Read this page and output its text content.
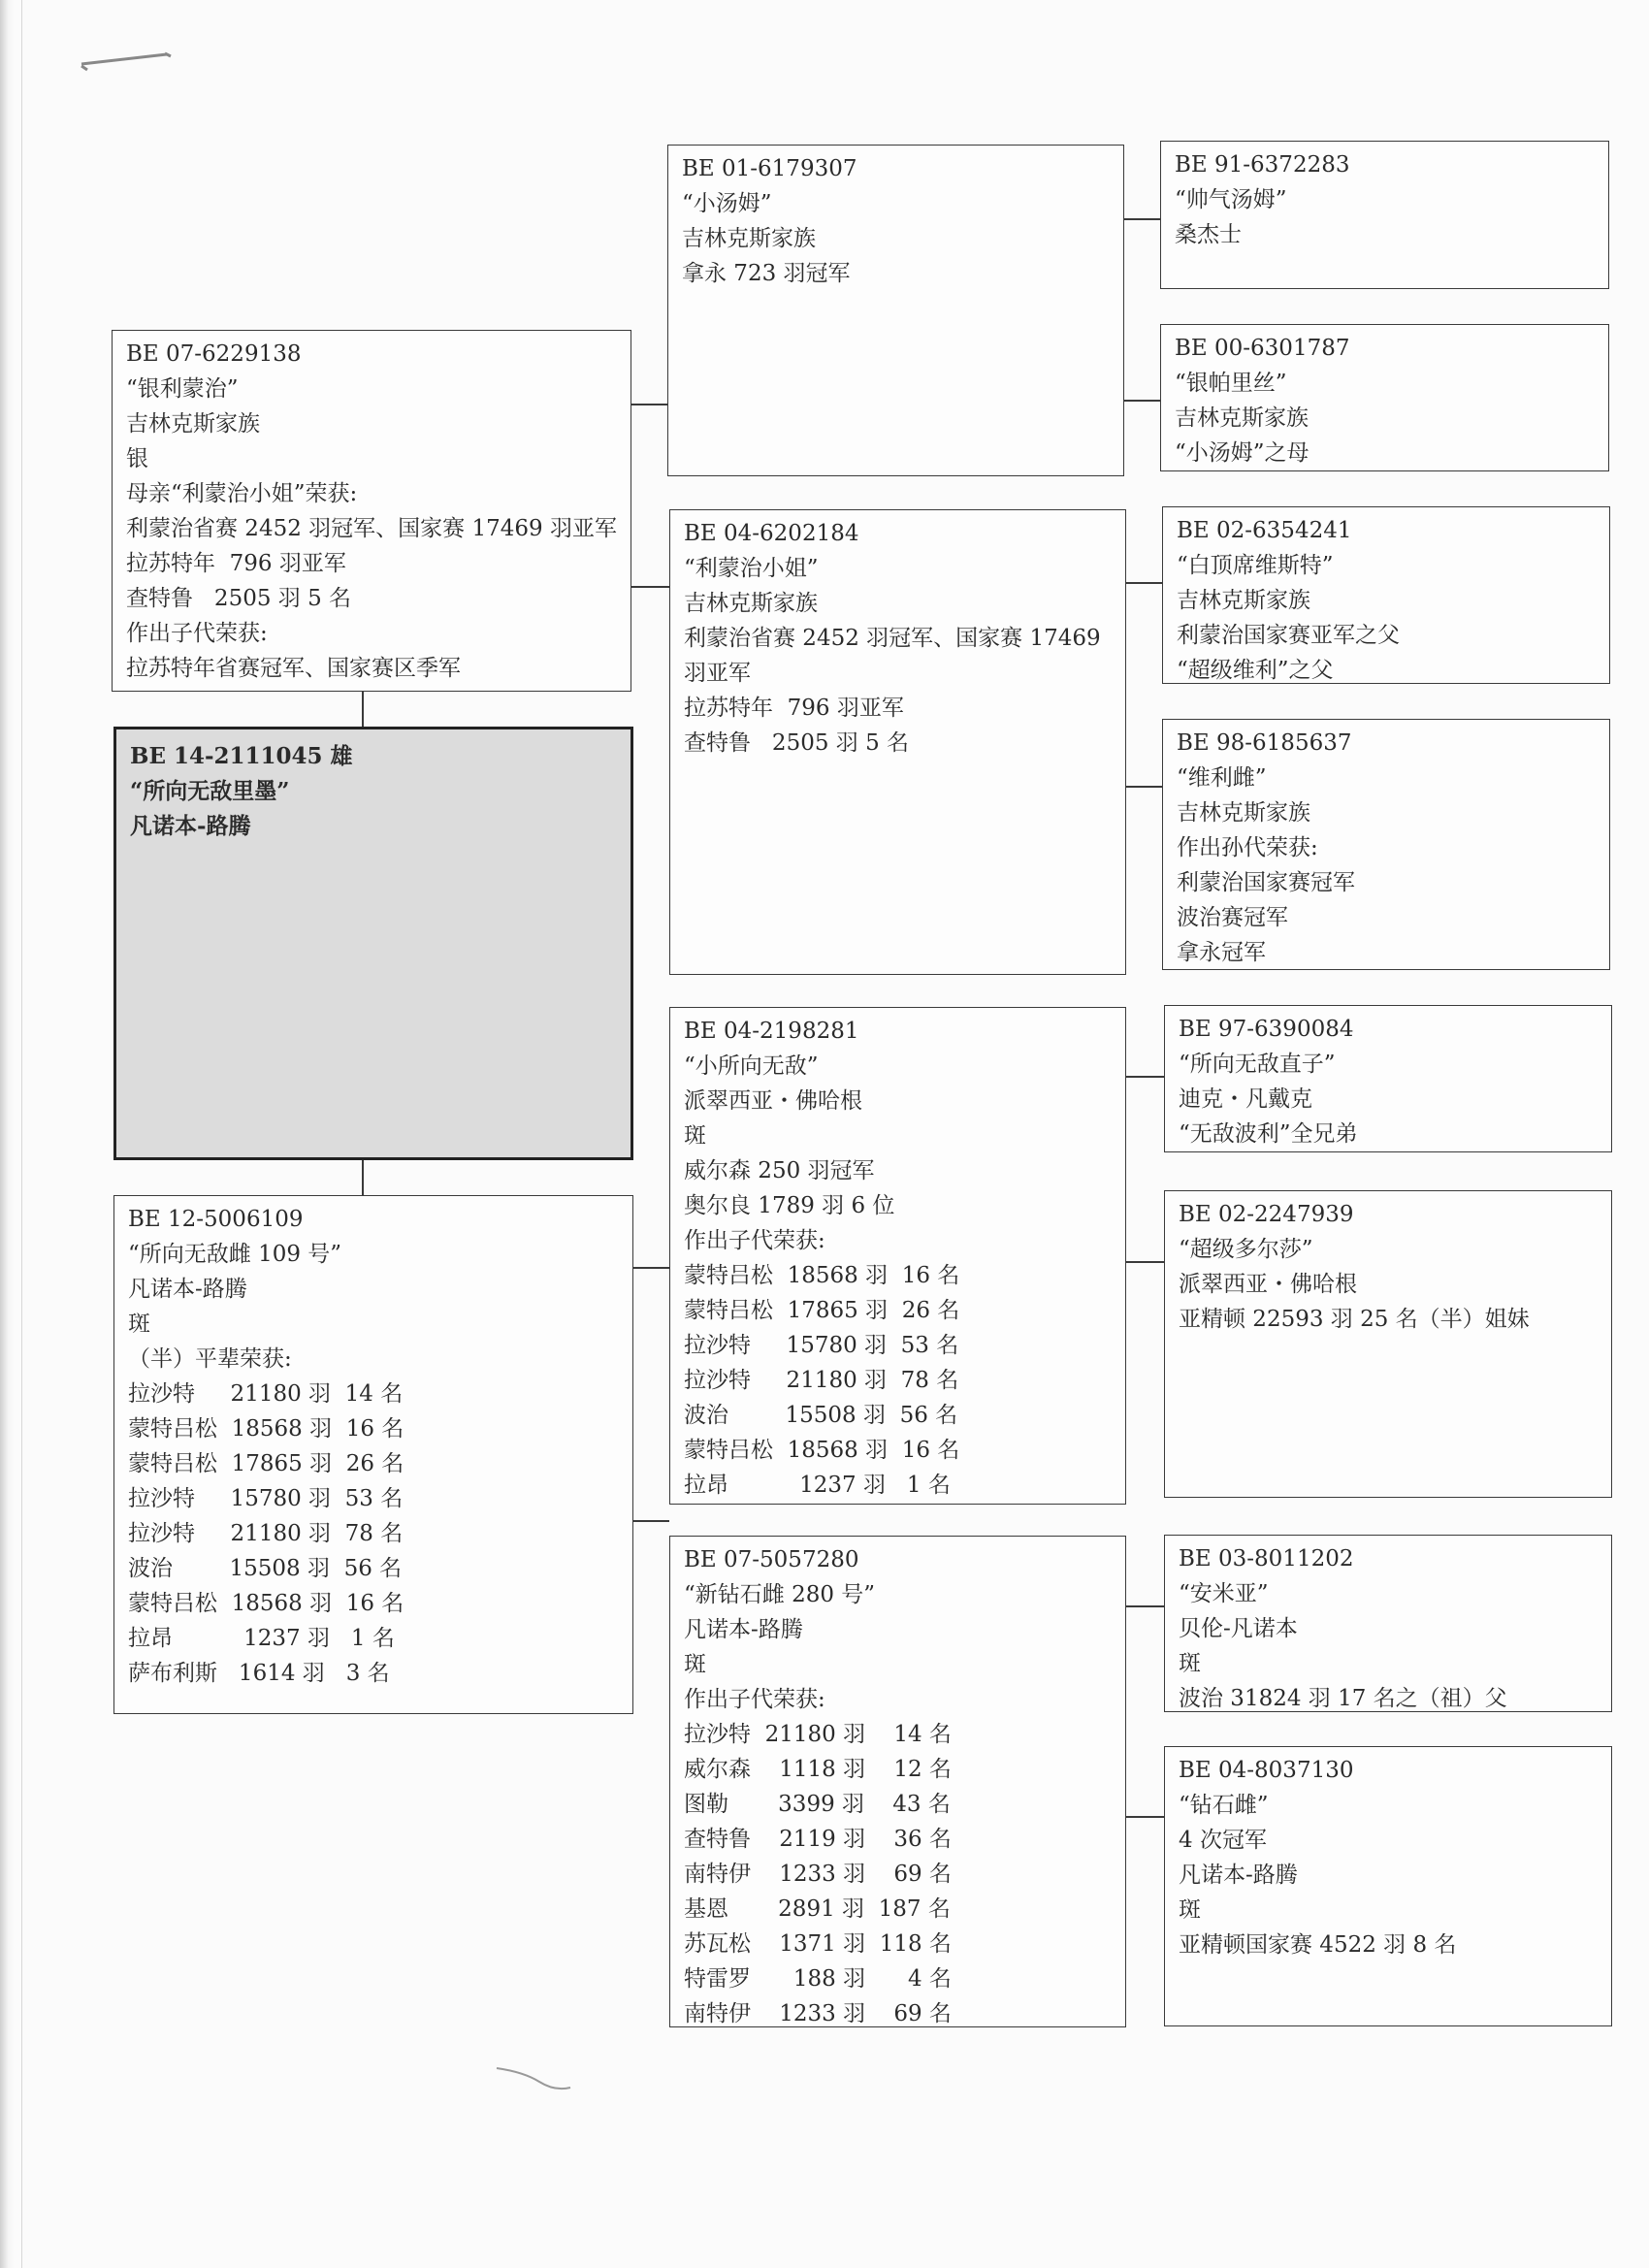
BE 07-6229138
“银利蒙治”
吉林克斯家族
银
母亲“利蒙治小姐”荣获:
利蒙治省赛 2452 羽冠军、国家赛 17469 羽亚军
拉苏特年  796 羽亚军
查特鲁   2505 羽 5 名
作出子代荣获:
拉苏特年省赛冠军、国家赛区季军
BE 14-2111045 雄
“所向无敌里墨”
凡诺本-路腾
BE 12-5006109
“所向无敌雌 109 号”
凡诺本-路腾
斑
（半）平辈荣获:
拉沙特     21180 羽  14 名
蒙特吕松  18568 羽  16 名
蒙特吕松  17865 羽  26 名
拉沙特     15780 羽  53 名
拉沙特     21180 羽  78 名
波治        15508 羽  56 名
蒙特吕松  18568 羽  16 名
拉昂          1237 羽   1 名
萨布利斯   1614 羽   3 名
BE 01-6179307
“小汤姆”
吉林克斯家族
拿永 723 羽冠军
BE 04-6202184
“利蒙治小姐”
吉林克斯家族
利蒙治省赛 2452 羽冠军、国家赛 17469
羽亚军
拉苏特年  796 羽亚军
查特鲁   2505 羽 5 名
BE 04-2198281
“小所向无敌”
派翠西亚・佛哈根
斑
威尔森 250 羽冠军
奥尔良 1789 羽 6 位
作出子代荣获:
蒙特吕松  18568 羽  16 名
蒙特吕松  17865 羽  26 名
拉沙特     15780 羽  53 名
拉沙特     21180 羽  78 名
波治        15508 羽  56 名
蒙特吕松  18568 羽  16 名
拉昂          1237 羽   1 名
BE 07-5057280
“新钻石雌 280 号”
凡诺本-路腾
斑
作出子代荣获:
拉沙特  21180 羽    14 名
威尔森    1118 羽    12 名
图勒       3399 羽    43 名
查特鲁    2119 羽    36 名
南特伊    1233 羽    69 名
基恩       2891 羽  187 名
苏瓦松    1371 羽  118 名
特雷罗      188 羽      4 名
南特伊    1233 羽    69 名
BE 91-6372283
“帅气汤姆”
桑杰士
BE 00-6301787
“银帕里丝”
吉林克斯家族
“小汤姆”之母
BE 02-6354241
“白顶席维斯特”
吉林克斯家族
利蒙治国家赛亚军之父
“超级维利”之父
BE 98-6185637
“维利雌”
吉林克斯家族
作出孙代荣获:
利蒙治国家赛冠军
波治赛冠军
拿永冠军
BE 97-6390084
“所向无敌直子”
迪克・凡戴克
“无敌波利”全兄弟
BE 02-2247939
“超级多尔莎”
派翠西亚・佛哈根
亚精顿 22593 羽 25 名（半）姐妹
BE 03-8011202
“安米亚”
贝伦-凡诺本
斑
波治 31824 羽 17 名之（祖）父
BE 04-8037130
“钻石雌”
4 次冠军
凡诺本-路腾
斑
亚精顿国家赛 4522 羽 8 名
